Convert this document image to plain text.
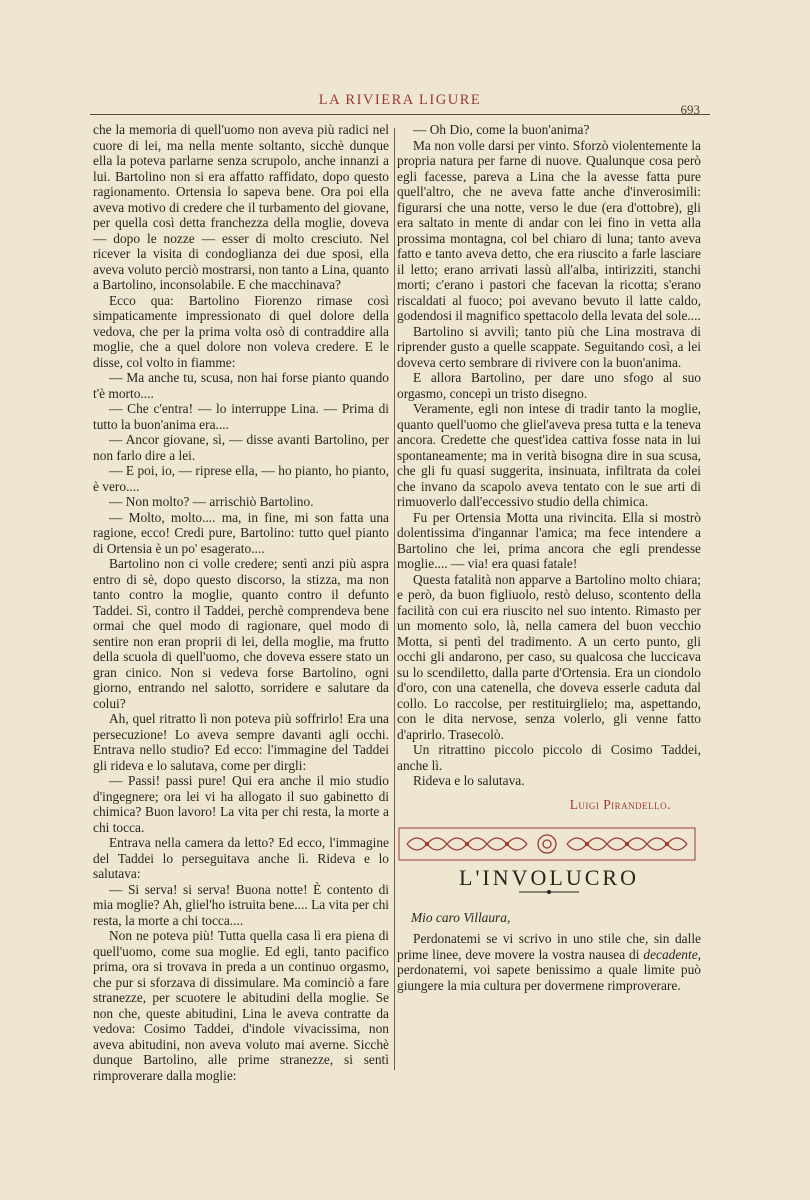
LA RIVIERA LIGURE
693

che la memoria di quell'uomo non aveva più radici nel cuore di lei, ma nella mente soltanto, sicchè dunque ella la poteva parlarne senza scrupolo, anche innanzi a lui. Bartolino non si era affatto raffidato, dopo questo ragionamento. Ortensia lo sapeva bene. Ora poi ella aveva motivo di credere che il turbamento del giovane, per quella così detta franchezza della moglie, doveva — dopo le nozze — esser di molto cresciuto. Nel ricever la visita di condoglianza dei due sposi, ella aveva voluto perciò mostrarsi, non tanto a Lina, quanto a Bartolino, inconsolabile. E che macchinava?

Ecco qua: Bartolino Fiorenzo rimase così simpaticamente impressionato di quel dolore della vedova, che per la prima volta osò di contraddire alla moglie, che a quel dolore non voleva credere. E le disse, col volto in fiamme:

— Ma anche tu, scusa, non hai forse pianto quando t'è morto....

— Che c'entra! — lo interruppe Lina. — Prima di tutto la buon'anima era....

— Ancor giovane, sì, — disse avanti Bartolino, per non farlo dire a lei.

— E poi, io, — riprese ella, — ho pianto, ho pianto, è vero....

— Non molto? — arrischiò Bartolino.

— Molto, molto.... ma, in fine, mi son fatta una ragione, ecco! Credi pure, Bartolino: tutto quel pianto di Ortensia è un po' esagerato....

Bartolino non ci volle credere; sentì anzi più aspra entro di sè, dopo questo discorso, la stizza, ma non tanto contro la moglie, quanto contro il defunto Taddei. Sì, contro il Taddei, perchè comprendeva bene ormai che quel modo di ragionare, quel modo di sentire non eran proprii di lei, della moglie, ma frutto della scuola di quell'uomo, che doveva essere stato un gran cinico. Non si vedeva forse Bartolino, ogni giorno, entrando nel salotto, sorridere e salutare da colui?

Ah, quel ritratto lì non poteva più soffrirlo! Era una persecuzione! Lo aveva sempre davanti agli occhi. Entrava nello studio? Ed ecco: l'immagine del Taddei gli rideva e lo salutava, come per dirgli:

— Passi! passi pure! Qui era anche il mio studio d'ingegnere; ora lei vi ha allogato il suo gabinetto di chimica? Buon lavoro! La vita per chi resta, la morte a chi tocca.

Entrava nella camera da letto? Ed ecco, l'immagine del Taddei lo perseguitava anche lì. Rideva e lo salutava:

— Si serva! si serva! Buona notte! È contento di mia moglie? Ah, gliel'ho istruita bene.... La vita per chi resta, la morte a chi tocca....

Non ne poteva più! Tutta quella casa lì era piena di quell'uomo, come sua moglie. Ed egli, tanto pacifico prima, ora si trovava in preda a un continuo orgasmo, che pur si sforzava di dissimulare. Ma cominciò a fare stranezze, per scuotere le abitudini della moglie. Se non che, queste abitudini, Lina le aveva contratte da vedova: Cosimo Taddei, d'indole vivacissima, non aveva abitudini, non aveva voluto mai averne. Sicchè dunque Bartolino, alle prime stranezze, si sentì rimproverare dalla moglie:

— Oh Dio, come la buon'anima?

Ma non volle darsi per vinto. Sforzò violentemente la propria natura per farne di nuove. Qualunque cosa però egli facesse, pareva a Lina che la avesse fatta pure quell'altro, che ne aveva fatte anche d'inverosimili: figurarsi che una notte, verso le due (era d'ottobre), gli era saltato in mente di andar con lei fino in vetta alla prossima montagna, col bel chiaro di luna; tanto aveva fatto e tanto aveva detto, che era riuscito a farle lasciare il letto; erano arrivati lassù all'alba, intirizziti, stanchi morti; c'erano i pastori che facevan la ricotta; s'erano riscaldati al fuoco; poi avevano bevuto il latte caldo, godendosi il magnifico spettacolo della levata del sole....

Bartolino si avvilì; tanto più che Lina mostrava di riprender gusto a quelle scappate. Seguitando così, a lei doveva certo sembrare di rivivere con la buon'anima.

E allora Bartolino, per dare uno sfogo al suo orgasmo, concepì un tristo disegno.

Veramente, egli non intese di tradir tanto la moglie, quanto quell'uomo che gliel'aveva presa tutta e la teneva ancora. Credette che quest'idea cattiva fosse nata in lui spontaneamente; ma in verità bisogna dire in sua scusa, che gli fu quasi suggerita, insinuata, infiltrata da colei che invano da scapolo aveva tentato con le sue arti di rimuoverlo dall'eccessivo studio della chimica.

Fu per Ortensia Motta una rivincita. Ella si mostrò dolentissima d'ingannar l'amica; ma fece intendere a Bartolino che lei, prima ancora che egli prendesse moglie.... — via! era quasi fatale!

Questa fatalità non apparve a Bartolino molto chiara; e però, da buon figliuolo, restò deluso, scontento della facilità con cui era riuscito nel suo intento. Rimasto per un momento solo, là, nella camera del buon vecchio Motta, si pentì del tradimento. A un certo punto, gli occhi gli andarono, per caso, su qualcosa che luccicava su lo scendiletto, dalla parte d'Ortensia. Era un ciondolo d'oro, con una catenella, che doveva esserle caduta dal collo. Lo raccolse, per restituirglielo; ma, aspettando, con le dita nervose, senza volerlo, gli venne fatto d'aprirlo. Trasecolò.

Un ritrattino piccolo piccolo di Cosimo Taddei, anche lì.

Rideva e lo salutava.

Luigi Pirandello.

L'INVOLUCRO

Mio caro Villaura,

Perdonatemi se vi scrivo in uno stile che, sin dalle prime linee, deve movere la vostra nausea di decadente, perdonatemi, voi sapete benissimo a quale limite può giungere la mia cultura per dovermene rimproverare.
